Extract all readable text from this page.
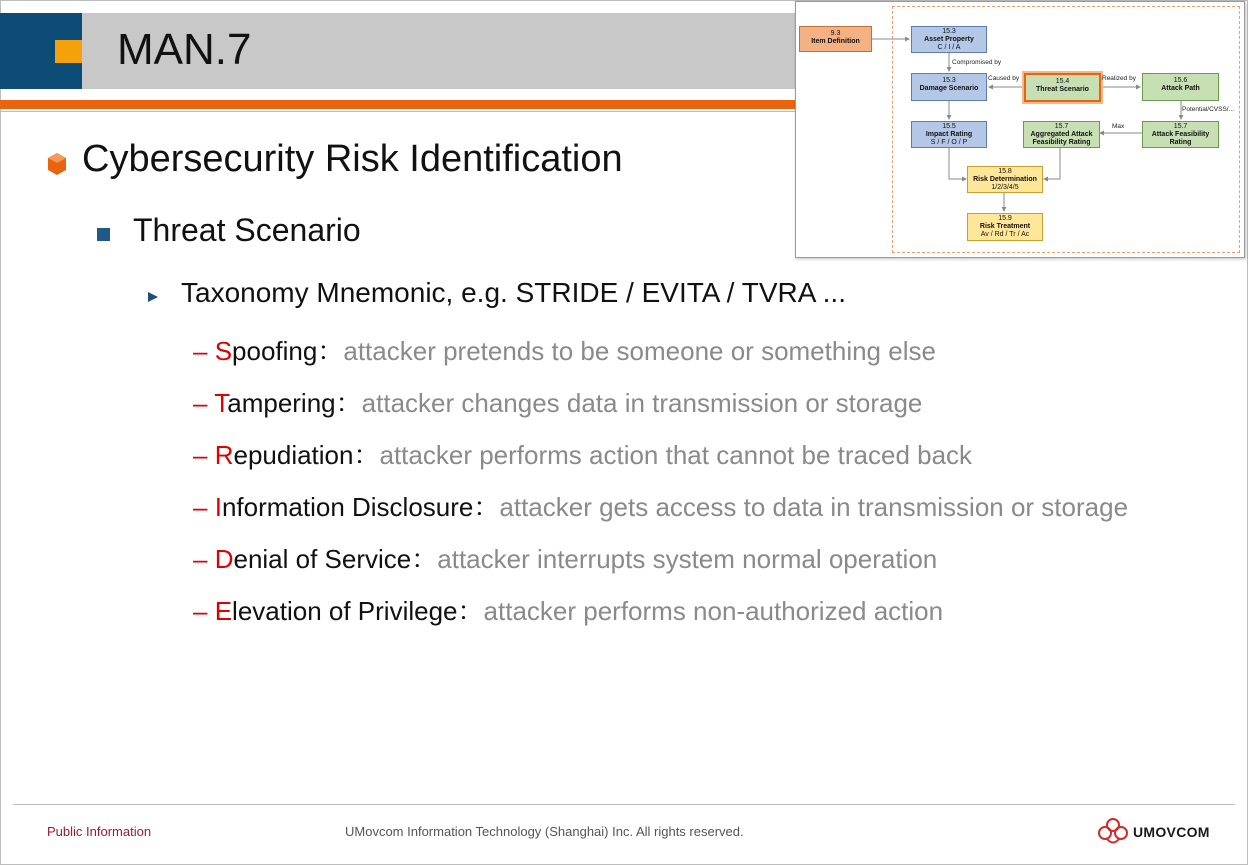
MAN.7
Cybersecurity Risk Identification
Threat Scenario
Taxonomy Mnemonic, e.g. STRIDE / EVITA / TVRA ...
– Spoofing：attacker pretends to be someone or something else
– Tampering：attacker changes data in transmission or storage
– Repudiation：attacker performs action that cannot be traced back
– Information Disclosure：attacker gets access to data in transmission or storage
– Denial of Service：attacker interrupts system normal operation
– Elevation of Privilege：attacker performs non-authorized action
9.3
Item Definition
15.3
Asset Property
C / I / A
Compromised by
15.3
Damage Scenario
Caused by	15.4
Threat Scenario
Realized by	15.6
Attack Path
Potential/CVSS/...
15.5
Impact Rating
S / F / O / P
15.7
Aggregated Attack Feasibility Rating
Max	15.7
Attack Feasibility Rating
15.8
Risk Determination
1/2/3/4/5
15.9
Risk Treatment
Av / Rd / Tr / Ac
Public Information	UMovcom Information Technology (Shanghai) Inc. All rights reserved.	UMOVCOM
